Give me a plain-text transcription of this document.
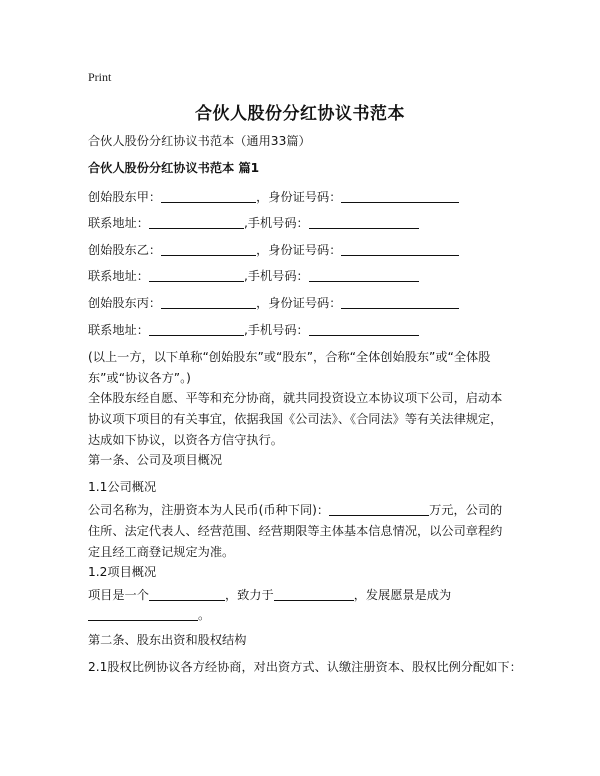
Print
合伙人股份分红协议书范本
合伙人股份分红协议书范本（通用33篇）
合伙人股份分红协议书范本 篇1
创始股东甲：	，身份证号码：
联系地址：	,手机号码：
创始股东乙：	，身份证号码：
联系地址：	,手机号码：
创始股东丙：	，身份证号码：
联系地址：	,手机号码：
(以上一方，以下单称“创始股东”或“股东”，合称“全体创始股东”或“全体股东”或“协议各方”。)
全体股东经自愿、平等和充分协商，就共同投资设立本协议项下公司，启动本协议项下项目的有关事宜，依据我国《公司法》、《合同法》等有关法律规定，达成如下协议，以资各方信守执行。
第一条、公司及项目概况
1.1公司概况
公司名称为，注册资本为人民币(币种下同)：	万元，公司的住所、法定代表人、经营范围、经营期限等主体基本信息情况，以公司章程约定且经工商登记规定为准。
1.2项目概况
项目是一个	，致力于	，发展愿景是成为
。
第二条、股东出资和股权结构
2.1股权比例协议各方经协商，对出资方式、认缴注册资本、股权比例分配如下：
